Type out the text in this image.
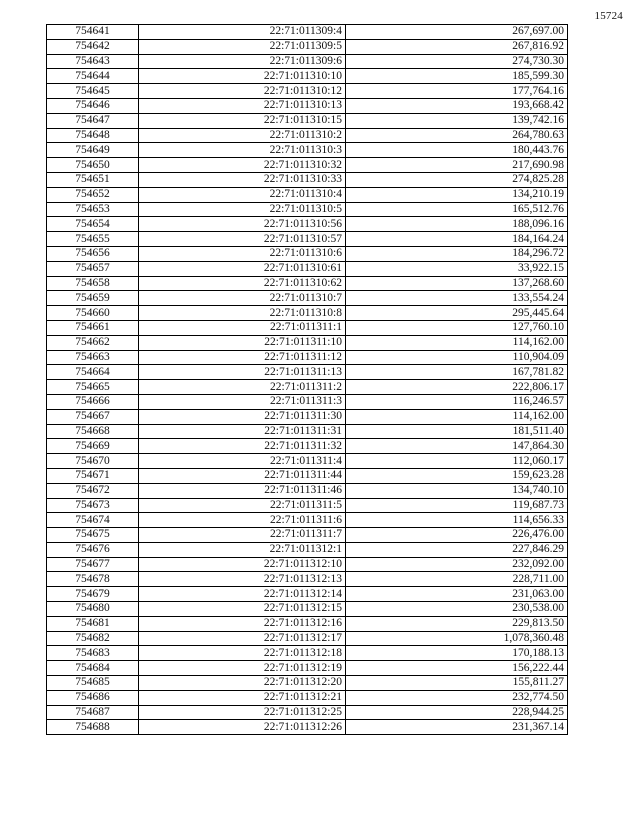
15724
754641	22:71:011309:4	267,697.00
754642	22:71:011309:5	267,816.92
754643	22:71:011309:6	274,730.30
754644	22:71:011310:10	185,599.30
754645	22:71:011310:12	177,764.16
754646	22:71:011310:13	193,668.42
754647	22:71:011310:15	139,742.16
754648	22:71:011310:2	264,780.63
754649	22:71:011310:3	180,443.76
754650	22:71:011310:32	217,690.98
754651	22:71:011310:33	274,825.28
754652	22:71:011310:4	134,210.19
754653	22:71:011310:5	165,512.76
754654	22:71:011310:56	188,096.16
754655	22:71:011310:57	184,164.24
754656	22:71:011310:6	184,296.72
754657	22:71:011310:61	33,922.15
754658	22:71:011310:62	137,268.60
754659	22:71:011310:7	133,554.24
754660	22:71:011310:8	295,445.64
754661	22:71:011311:1	127,760.10
754662	22:71:011311:10	114,162.00
754663	22:71:011311:12	110,904.09
754664	22:71:011311:13	167,781.82
754665	22:71:011311:2	222,806.17
754666	22:71:011311:3	116,246.57
754667	22:71:011311:30	114,162.00
754668	22:71:011311:31	181,511.40
754669	22:71:011311:32	147,864.30
754670	22:71:011311:4	112,060.17
754671	22:71:011311:44	159,623.28
754672	22:71:011311:46	134,740.10
754673	22:71:011311:5	119,687.73
754674	22:71:011311:6	114,656.33
754675	22:71:011311:7	226,476.00
754676	22:71:011312:1	227,846.29
754677	22:71:011312:10	232,092.00
754678	22:71:011312:13	228,711.00
754679	22:71:011312:14	231,063.00
754680	22:71:011312:15	230,538.00
754681	22:71:011312:16	229,813.50
754682	22:71:011312:17	1,078,360.48
754683	22:71:011312:18	170,188.13
754684	22:71:011312:19	156,222.44
754685	22:71:011312:20	155,811.27
754686	22:71:011312:21	232,774.50
754687	22:71:011312:25	228,944.25
754688	22:71:011312:26	231,367.14
